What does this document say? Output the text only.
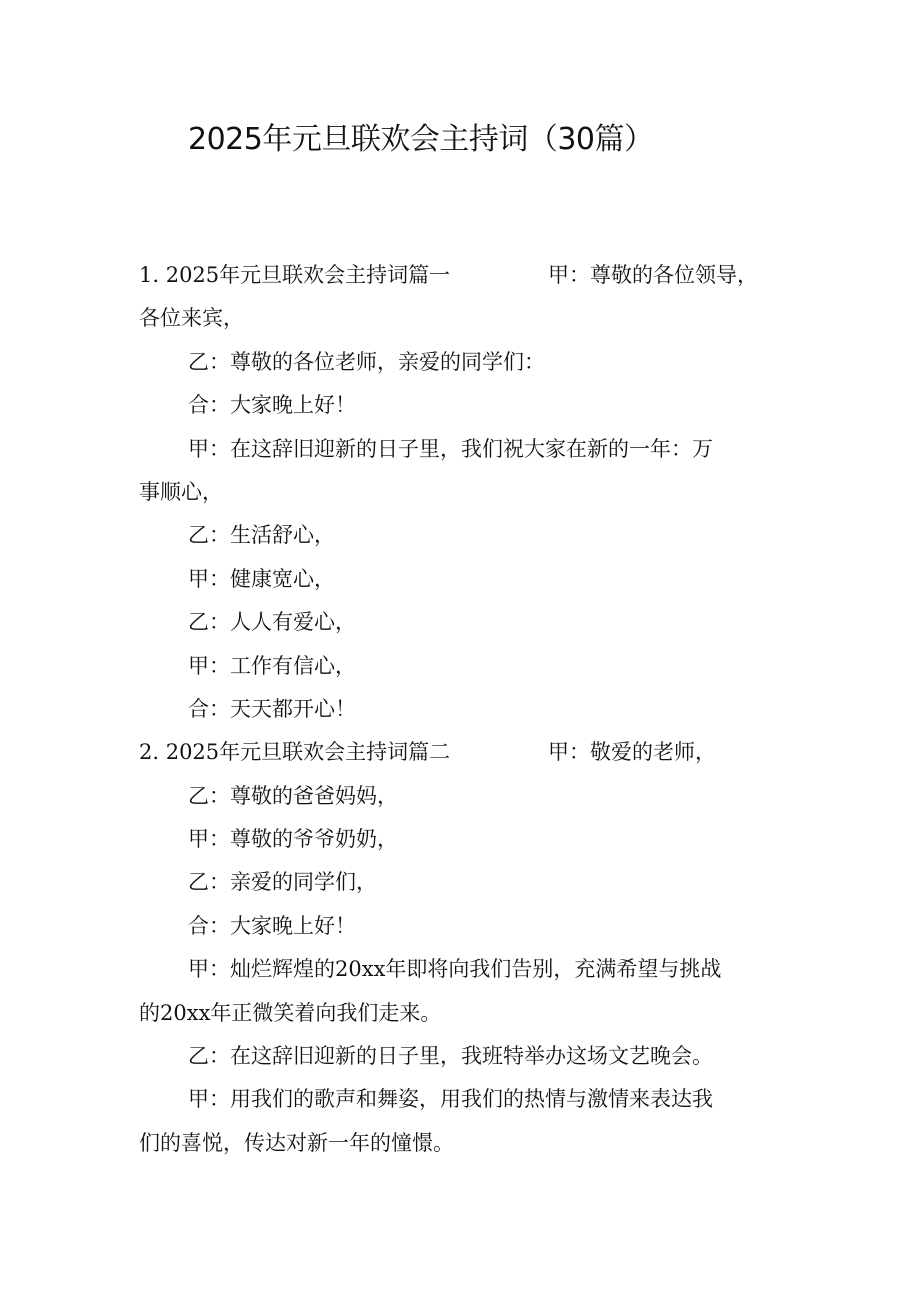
2025年元旦联欢会主持词（30篇）
1. 2025年元旦联欢会主持词篇一	甲：尊敬的各位领导，
各位来宾，
乙：尊敬的各位老师，亲爱的同学们：
合：大家晚上好！
甲：在这辞旧迎新的日子里，我们祝大家在新的一年：万
事顺心，
乙：生活舒心，
甲：健康宽心，
乙：人人有爱心，
甲：工作有信心，
合：天天都开心！
2. 2025年元旦联欢会主持词篇二	甲：敬爱的老师，
乙：尊敬的爸爸妈妈，
甲：尊敬的爷爷奶奶，
乙：亲爱的同学们，
合：大家晚上好！
甲：灿烂辉煌的20xx年即将向我们告别，充满希望与挑战
的20xx年正微笑着向我们走来。
乙：在这辞旧迎新的日子里，我班特举办这场文艺晚会。
甲：用我们的歌声和舞姿，用我们的热情与激情来表达我
们的喜悦，传达对新一年的憧憬。
